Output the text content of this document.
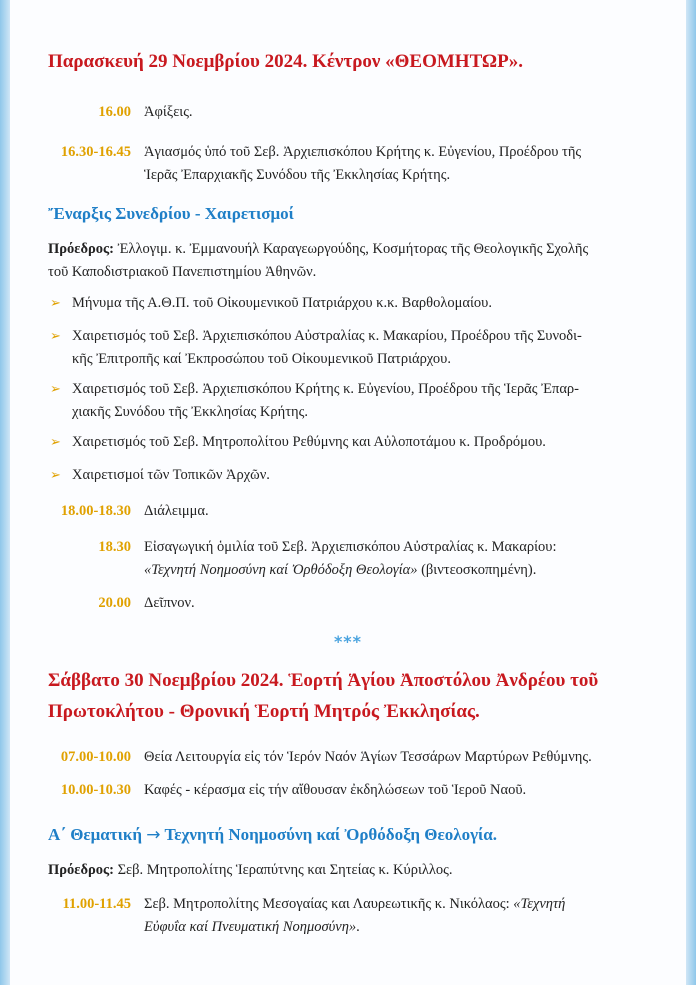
Παρασκευή 29 Νοεμβρίου 2024. Κέντρον «ΘΕΟΜΗΤΩΡ».
16.00 Ἀφίξεις.
16.30-16.45 Ἁγιασμός ὑπό τοῦ Σεβ. Ἀρχιεπισκόπου Κρήτης κ. Εὐγενίου, Προέδρου τῆς
Ἱερᾶς Ἐπαρχιακῆς Συνόδου τῆς Ἐκκλησίας Κρήτης.
Ἔναρξις Συνεδρίου - Χαιρετισμοί
Πρόεδρος: Ἐλλογιμ. κ. Ἐμμανουήλ Καραγεωργούδης, Κοσμήτορας τῆς Θεολογικῆς Σχολῆς
τοῦ Καποδιστριακοῦ Πανεπιστημίου Ἀθηνῶν.
➢ Μήνυμα τῆς Α.Θ.Π. τοῦ Οἰκουμενικοῦ Πατριάρχου κ.κ. Βαρθολομαίου.
➢ Χαιρετισμός τοῦ Σεβ. Ἀρχιεπισκόπου Αὐστραλίας κ. Μακαρίου, Προέδρου τῆς Συνοδι-
κῆς Ἐπιτροπῆς καί Ἐκπροσώπου τοῦ Οἰκουμενικοῦ Πατριάρχου.
➢ Χαιρετισμός τοῦ Σεβ. Ἀρχιεπισκόπου Κρήτης κ. Εὐγενίου, Προέδρου τῆς Ἱερᾶς Ἐπαρ-
χιακῆς Συνόδου τῆς Ἐκκλησίας Κρήτης.
➢ Χαιρετισμός τοῦ Σεβ. Μητροπολίτου Ρεθύμνης και Αὐλοποτάμου κ. Προδρόμου.
➢ Χαιρετισμοί τῶν Τοπικῶν Ἀρχῶν.
18.00-18.30 Διάλειμμα.
18.30 Εἰσαγωγική ὁμιλία τοῦ Σεβ. Ἀρχιεπισκόπου Αὐστραλίας κ. Μακαρίου:
«Τεχνητή Νοημοσύνη καί Ὀρθόδοξη Θεολογία» (βιντεοσκοπημένη).
20.00 Δεῖπνον.
***
Σάββατο 30 Νοεμβρίου 2024. Ἑορτή Ἁγίου Ἀποστόλου Ἀνδρέου τοῦ
Πρωτοκλήτου - Θρονική Ἑορτή Μητρός Ἐκκλησίας.
07.00-10.00 Θεία Λειτουργία εἰς τόν Ἱερόν Ναόν Ἁγίων Τεσσάρων Μαρτύρων Ρεθύμνης.
10.00-10.30 Καφές - κέρασμα εἰς τήν αἴθουσαν ἐκδηλώσεων τοῦ Ἱεροῦ Ναοῦ.
Α΄ Θεματική → Τεχνητή Νοημοσύνη καί Ὀρθόδοξη Θεολογία.
Πρόεδρος: Σεβ. Μητροπολίτης Ἱεραπύτνης και Σητείας κ. Κύριλλος.
11.00-11.45 Σεβ. Μητροπολίτης Μεσογαίας και Λαυρεωτικῆς κ. Νικόλαος: «Τεχνητή
Εὐφυΐα καί Πνευματική Νοημοσύνη».
